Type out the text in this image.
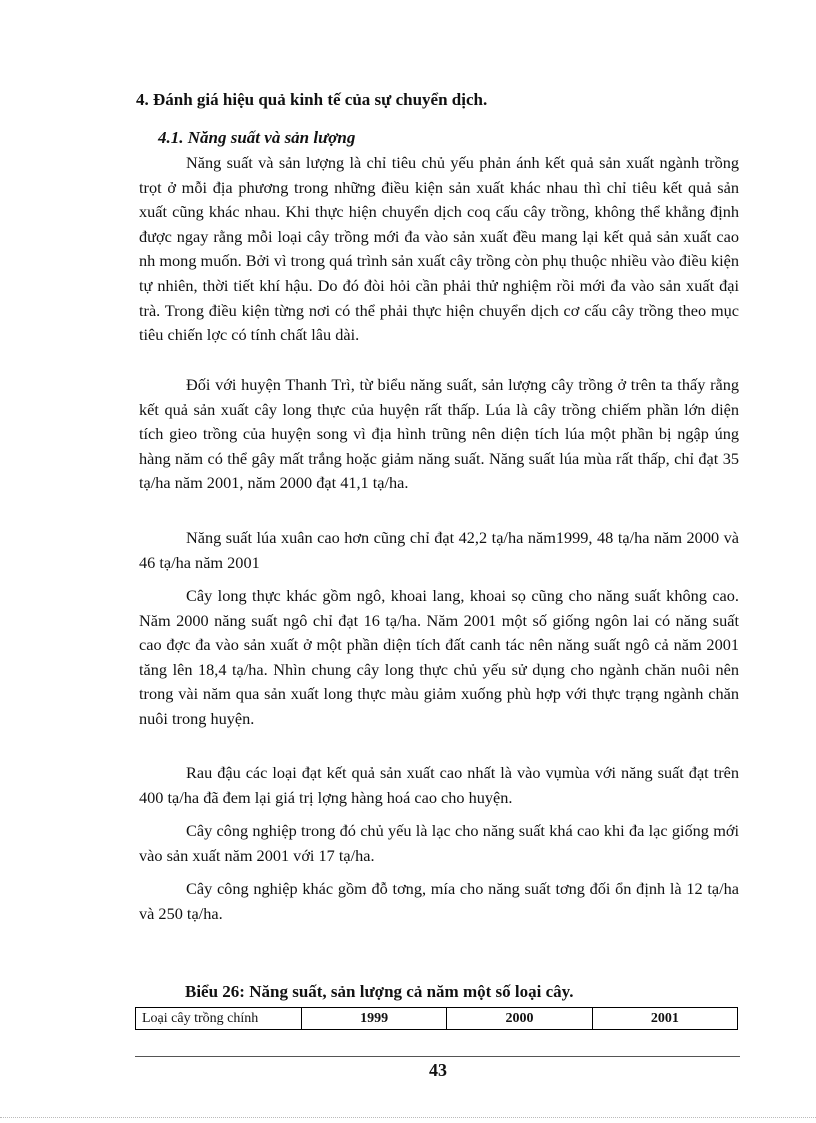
4. Đánh giá hiệu quả kinh tế của sự chuyển dịch.
4.1. Năng suất và sản lượng

Năng suất và sản lượng là chỉ tiêu chủ yếu phản ánh kết quả sản xuất ngành trồng trọt ở mỗi địa phương trong những điều kiện sản xuất khác nhau thì chỉ tiêu kết quả sản xuất cũng khác nhau. Khi thực hiện chuyển dịch coq cấu cây trồng, không thể khẳng định được ngay rằng mỗi loại cây trồng mới đa vào sản xuất đều mang lại kết quả sản xuất cao nh mong muốn. Bởi vì trong quá trình sản xuất cây trồng còn phụ thuộc nhiều vào điều kiện tự nhiên, thời tiết khí hậu. Do đó đòi hỏi cần phải thử nghiệm rồi mới đa vào sản xuất đại trà. Trong điều kiện từng nơi có thể phải thực hiện chuyển dịch cơ cấu cây trồng theo mục tiêu chiến lợc có tính chất lâu dài.

Đối với huyện Thanh Trì, từ biểu năng suất, sản lượng cây trồng ở trên ta thấy rằng kết quả sản xuất cây long thực của huyện rất thấp. Lúa là cây trồng chiếm phần lớn diện tích gieo trồng của huyện song vì địa hình trũng nên diện tích lúa một phần bị ngập úng hàng năm có thể gây mất trắng hoặc giảm năng suất. Năng suất lúa mùa rất thấp, chỉ đạt 35 tạ/ha năm 2001, năm 2000 đạt 41,1 tạ/ha.

Năng suất lúa xuân cao hơn cũng chỉ đạt 42,2 tạ/ha năm1999, 48 tạ/ha năm 2000 và 46 tạ/ha năm 2001

Cây long thực khác gồm ngô, khoai lang, khoai sọ cũng cho năng suất không cao. Năm 2000 năng suất ngô chỉ đạt 16 tạ/ha. Năm 2001 một số giống ngôn lai có năng suất cao đợc đa vào sản xuất ở một phần diện tích đất canh tác nên năng suất ngô cả năm 2001 tăng lên 18,4 tạ/ha. Nhìn chung cây long thực chủ yếu sử dụng cho ngành chăn nuôi nên trong vài năm qua sản xuất long thực màu giảm xuống phù hợp với thực trạng ngành chăn nuôi trong huyện.

Rau đậu các loại đạt kết quả sản xuất cao nhất là vào vụmùa với năng suất đạt trên 400 tạ/ha đã đem lại giá trị lợng hàng hoá cao cho huyện.

Cây công nghiệp trong đó chủ yếu là lạc cho năng suất khá cao khi đa lạc giống mới vào sản xuất năm 2001 với 17 tạ/ha.

Cây công nghiệp khác gồm đỗ tơng, mía cho năng suất tơng đối ổn định là 12 tạ/ha và 250 tạ/ha.

Biểu 26: Năng suất, sản lượng cả năm một số loại cây.
Loại cây trồng chính	1999	2000	2001
43
